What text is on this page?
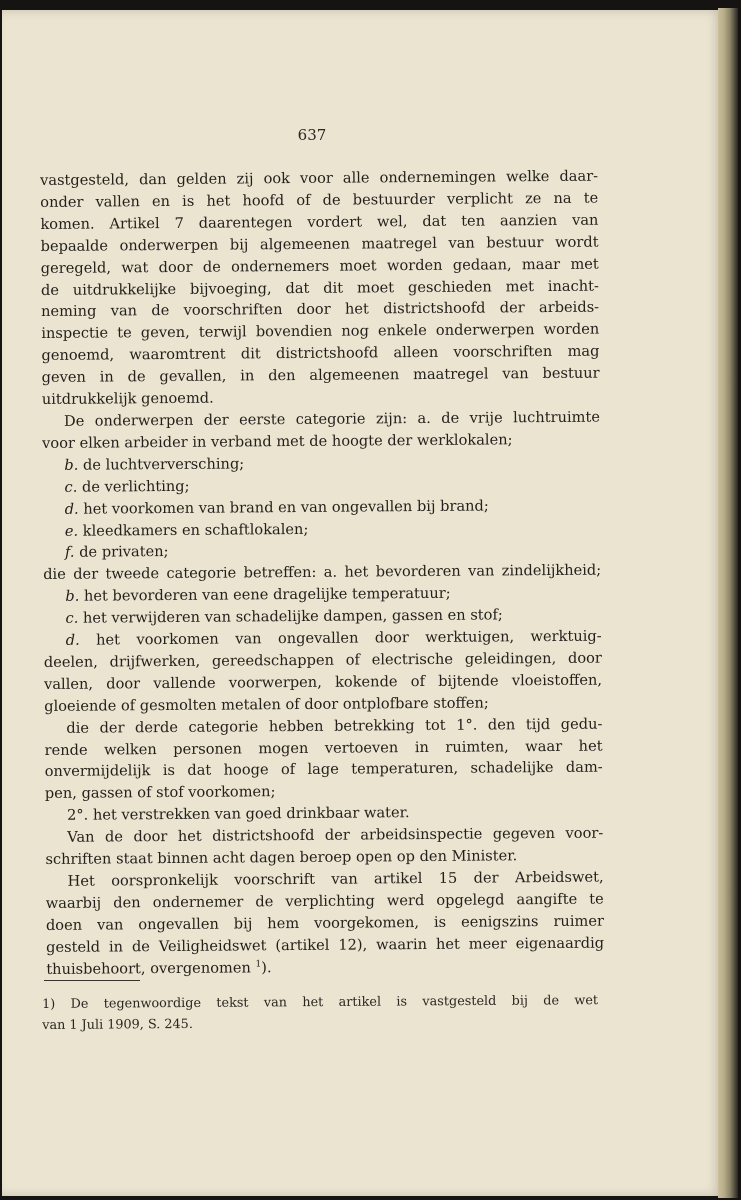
637
vastgesteld, dan gelden zij ook voor alle ondernemingen welke daar-
onder vallen en is het hoofd of de bestuurder verplicht ze na te
komen. Artikel 7 daarentegen vordert wel, dat ten aanzien van
bepaalde onderwerpen bij algemeenen maatregel van bestuur wordt
geregeld, wat door de ondernemers moet worden gedaan, maar met
de uitdrukkelijke bijvoeging, dat dit moet geschieden met inacht-
neming van de voorschriften door het districtshoofd der arbeids-
inspectie te geven, terwijl bovendien nog enkele onderwerpen worden
genoemd, waaromtrent dit districtshoofd alleen voorschriften mag
geven in de gevallen, in den algemeenen maatregel van bestuur
uitdrukkelijk genoemd.
De onderwerpen der eerste categorie zijn: a. de vrije luchtruimte
voor elken arbeider in verband met de hoogte der werklokalen;
b. de luchtverversching;
c. de verlichting;
d. het voorkomen van brand en van ongevallen bij brand;
e. kleedkamers en schaftlokalen;
f. de privaten;
die der tweede categorie betreffen: a. het bevorderen van zindelijkheid;
b. het bevorderen van eene dragelijke temperatuur;
c. het verwijderen van schadelijke dampen, gassen en stof;
d. het voorkomen van ongevallen door werktuigen, werktuig-
deelen, drijfwerken, gereedschappen of electrische geleidingen, door
vallen, door vallende voorwerpen, kokende of bijtende vloeistoffen,
gloeiende of gesmolten metalen of door ontplofbare stoffen;
die der derde categorie hebben betrekking tot 1°. den tijd gedu-
rende welken personen mogen vertoeven in ruimten, waar het
onvermijdelijk is dat hooge of lage temperaturen, schadelijke dam-
pen, gassen of stof voorkomen;
2°. het verstrekken van goed drinkbaar water.
Van de door het districtshoofd der arbeidsinspectie gegeven voor-
schriften staat binnen acht dagen beroep open op den Minister.
Het oorspronkelijk voorschrift van artikel 15 der Arbeidswet,
waarbij den ondernemer de verplichting werd opgelegd aangifte te
doen van ongevallen bij hem voorgekomen, is eenigszins ruimer
gesteld in de Veiligheidswet (artikel 12), waarin het meer eigenaardig
thuisbehoort, overgenomen $^1$).
1) De tegenwoordige tekst van het artikel is vastgesteld bij de wet
van 1 Juli 1909, S. 245.
